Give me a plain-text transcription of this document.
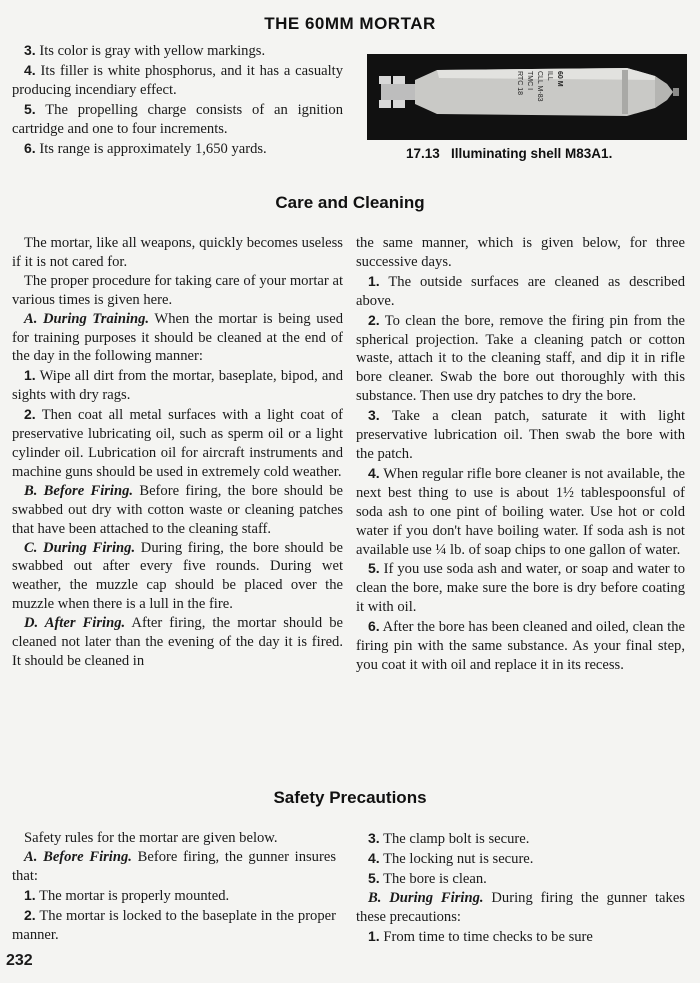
THE 60MM MORTAR

3. Its color is gray with yellow markings.

4. Its filler is white phosphorus, and it has a casualty producing incendiary effect.

5. The propelling charge consists of an ignition cartridge and one to four increments.

6. Its range is approximately 1,650 yards.

60 M
ILL
CLL M-83
TMC I
RTC 18
17.13   Illuminating shell M83A1.
Care and Cleaning

The mortar, like all weapons, quickly becomes useless if it is not cared for.

The proper procedure for taking care of your mortar at various times is given here.

A. During Training. When the mortar is being used for training purposes it should be cleaned at the end of the day in the following manner:

1. Wipe all dirt from the mortar, baseplate, bipod, and sights with dry rags.

2. Then coat all metal surfaces with a light coat of preservative lubricating oil, such as sperm oil or a light cylinder oil. Lubrication oil for aircraft instruments and machine guns should be used in extremely cold weather.

B. Before Firing. Before firing, the bore should be swabbed out dry with cotton waste or cleaning patches that have been attached to the cleaning staff.

C. During Firing. During firing, the bore should be swabbed out after every five rounds. During wet weather, the muzzle cap should be placed over the muzzle when there is a lull in the fire.

D. After Firing. After firing, the mortar should be cleaned not later than the evening of the day it is fired. It should be cleaned in

the same manner, which is given below, for three successive days.

1. The outside surfaces are cleaned as described above.

2. To clean the bore, remove the firing pin from the spherical projection. Take a cleaning patch or cotton waste, attach it to the cleaning staff, and dip it in rifle bore cleaner. Swab the bore out thoroughly with this substance. Then use dry patches to dry the bore.

3. Take a clean patch, saturate it with light preservative lubrication oil. Then swab the bore with the patch.

4. When regular rifle bore cleaner is not available, the next best thing to use is about 1½ tablespoonsful of soda ash to one pint of boiling water. Use hot or cold water if you don't have boiling water. If soda ash is not available use ¼ lb. of soap chips to one gallon of water.

5. If you use soda ash and water, or soap and water to clean the bore, make sure the bore is dry before coating it with oil.

6. After the bore has been cleaned and oiled, clean the firing pin with the same substance. As your final step, you coat it with oil and replace it in its recess.

Safety Precautions

Safety rules for the mortar are given below.

A. Before Firing. Before firing, the gunner insures that:

1. The mortar is properly mounted.

2. The mortar is locked to the baseplate in the proper manner.

3. The clamp bolt is secure.

4. The locking nut is secure.

5. The bore is clean.

B. During Firing. During firing the gunner takes these precautions:

1. From time to time checks to be sure

232
